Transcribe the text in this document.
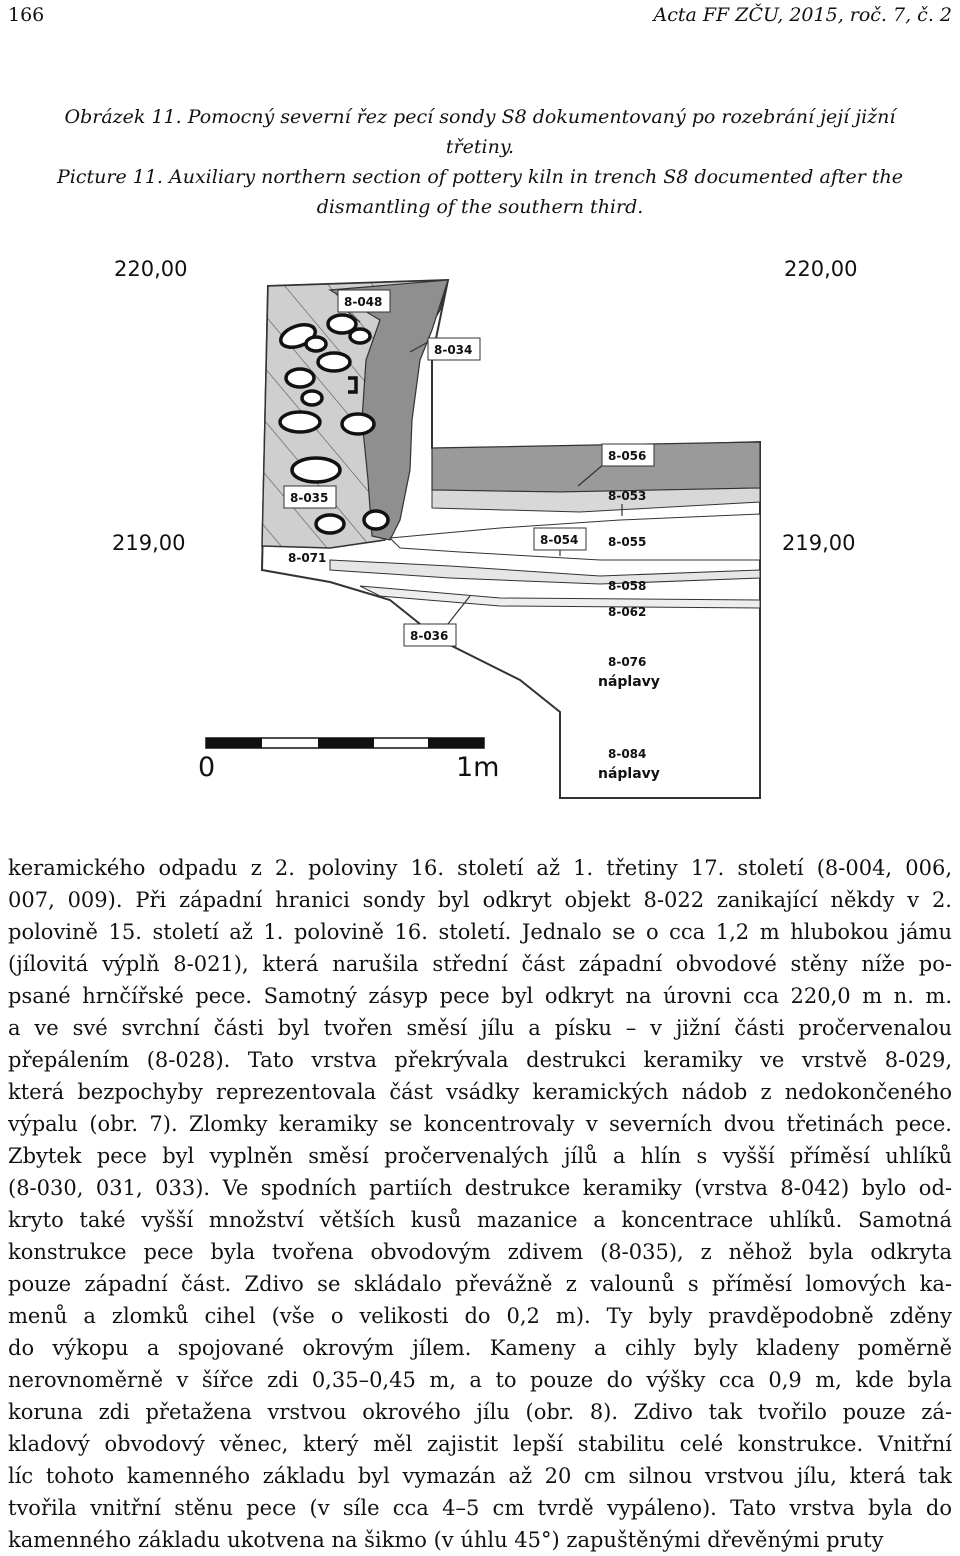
166	Acta FF ZČU, 2015, roč. 7, č. 2
Obrázek 11. Pomocný severní řez pecí sondy S8 dokumentovaný po rozebrání její jižní
třetiny.
Picture 11. Auxiliary northern section of pottery kiln in trench S8 documented after the
dismantling of the southern third.
8-048
8-034
8-056
8-035	8-053
8-054 8-055
8-071
8-058
8-062
8-036
8-076
náplavy
8-084
náplavy
220,00	220,00
219,00	219,00
0	1m
keramického odpadu z 2. poloviny 16. století až 1. třetiny 17. století (8-004, 006,
007, 009). Při západní hranici sondy byl odkryt objekt 8-022 zanikající někdy v 2.
polovině 15. století až 1. polovině 16. století. Jednalo se o cca 1,2 m hlubokou jámu
(jílovitá výplň 8-021), která narušila střední část západní obvodové stěny níže po-
psané hrnčířské pece. Samotný zásyp pece byl odkryt na úrovni cca 220,0 m n. m.
a ve své svrchní části byl tvořen směsí jílu a písku – v jižní části pročervenalou
přepálením (8-028). Tato vrstva překrývala destrukci keramiky ve vrstvě 8-029,
která bezpochyby reprezentovala část vsádky keramických nádob z nedokončeného
výpalu (obr. 7). Zlomky keramiky se koncentrovaly v severních dvou třetinách pece.
Zbytek pece byl vyplněn směsí pročervenalých jílů a hlín s vyšší příměsí uhlíků
(8-030, 031, 033). Ve spodních partiích destrukce keramiky (vrstva 8-042) bylo od-
kryto také vyšší množství větších kusů mazanice a koncentrace uhlíků. Samotná
konstrukce pece byla tvořena obvodovým zdivem (8-035), z něhož byla odkryta
pouze západní část. Zdivo se skládalo převážně z valounů s příměsí lomových ka-
menů a zlomků cihel (vše o velikosti do 0,2 m). Ty byly pravděpodobně zděny
do výkopu a spojované okrovým jílem. Kameny a cihly byly kladeny poměrně
nerovnoměrně v šířce zdi 0,35–0,45 m, a to pouze do výšky cca 0,9 m, kde byla
koruna zdi přetažena vrstvou okrového jílu (obr. 8). Zdivo tak tvořilo pouze zá-
kladový obvodový věnec, který měl zajistit lepší stabilitu celé konstrukce. Vnitřní
líc tohoto kamenného základu byl vymazán až 20 cm silnou vrstvou jílu, která tak
tvořila vnitřní stěnu pece (v síle cca 4–5 cm tvrdě vypáleno). Tato vrstva byla do
kamenného základu ukotvena na šikmo (v úhlu 45°) zapuštěnými dřevěnými pruty
